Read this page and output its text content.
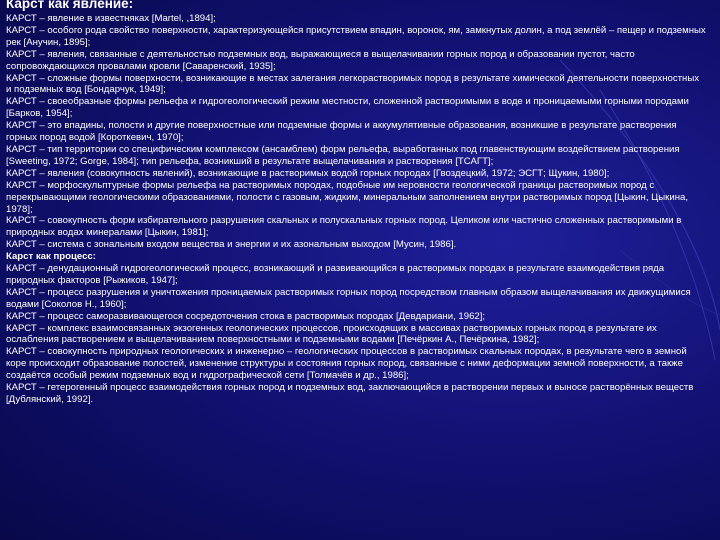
Карст как явление:

КАРСТ – явление в известняках [Martel, ,1894];

КАРСТ – особого рода свойство поверхности, характеризующейся присутствием впадин, воронок, ям, замкнутых долин, а под землёй – пещер и подземных рек [Анучин, 1895];

КАРСТ – явления, связанные с деятельностью подземных вод, выражающиеся в выщелачивании горных пород и образовании пустот, часто сопровождающихся провалами кровли [Саваренский, 1935];

КАРСТ – сложные формы поверхности, возникающие в местах залегания легкорастворимых пород в результате химической деятельности поверхностных и подземных вод [Бондарчук, 1949];

КАРСТ – своеобразные формы рельефа и гидрогеологический режим местности, сложенной растворимыми в воде и проницаемыми горными породами [Барков, 1954];

КАРСТ – это впадины, полости и другие поверхностные или подземные формы и аккумулятивные образования, возникшие в результате растворения горных пород водой [Короткевич, 1970];

КАРСТ – тип территории со специфическим комплексом (ансамблем) форм рельефа, выработанных под главенствующим воздействием растворения [Sweeting, 1972; Gorge, 1984]; тип рельефа, возникший в результате выщелачивания и растворения [ТСАГТ];

КАРСТ – явления (совокупность явлений), возникающие в растворимых водой горных породах [Гвоздецкий, 1972; ЭСГТ; Щукин, 1980];

КАРСТ – морфоскульптурные формы рельефа на растворимых породах, подобные им неровности геологической границы растворимых пород с перекрывающими геологическими образованиями, полости с газовым, жидким, минеральным заполнением внутри растворимых пород [Цыкин, Цыкина, 1978];

КАРСТ – совокупность форм избирательного разрушения скальных и полускальных горных пород. Целиком или частично сложенных растворимыми в природных водах минералами [Цыкин, 1981];

КАРСТ – система с зональным входом вещества и энергии и их азональным выходом [Мусин, 1986].

Карст как процесс:

КАРСТ – денудационный гидрогеологический процесс, возникающий и развивающийся в растворимых породах в результате взаимодействия ряда природных факторов [Рыжиков, 1947];

КАРСТ – процесс разрушения и уничтожения проницаемых растворимых горных пород посредством главным образом выщелачивания их движущимися водами [Соколов Н., 1960];

КАРСТ – процесс саморазвивающегося сосредоточения стока в растворимых породах [Девдариани, 1962];

КАРСТ – комплекс взаимосвязанных экзогенных геологических процессов, происходящих в массивах растворимых горных пород в результате их ослабления растворением и выщелачиванием поверхностными и подземными водами [Печёркин А., Печёркина, 1982];

КАРСТ – совокупность природных геологических и инженерно – геологических процессов в растворимых скальных породах, в результате чего в земной коре происходит образование полостей, изменение структуры и состояния горных пород, связанные с ними деформации земной поверхности, а также создаётся особый режим подземных вод и гидрографической сети [Толмачёв и др., 1986];

КАРСТ – гетерогенный процесс взаимодействия горных пород и подземных вод, заключающийся в растворении первых и выносе растворённых веществ [Дублянский, 1992].
